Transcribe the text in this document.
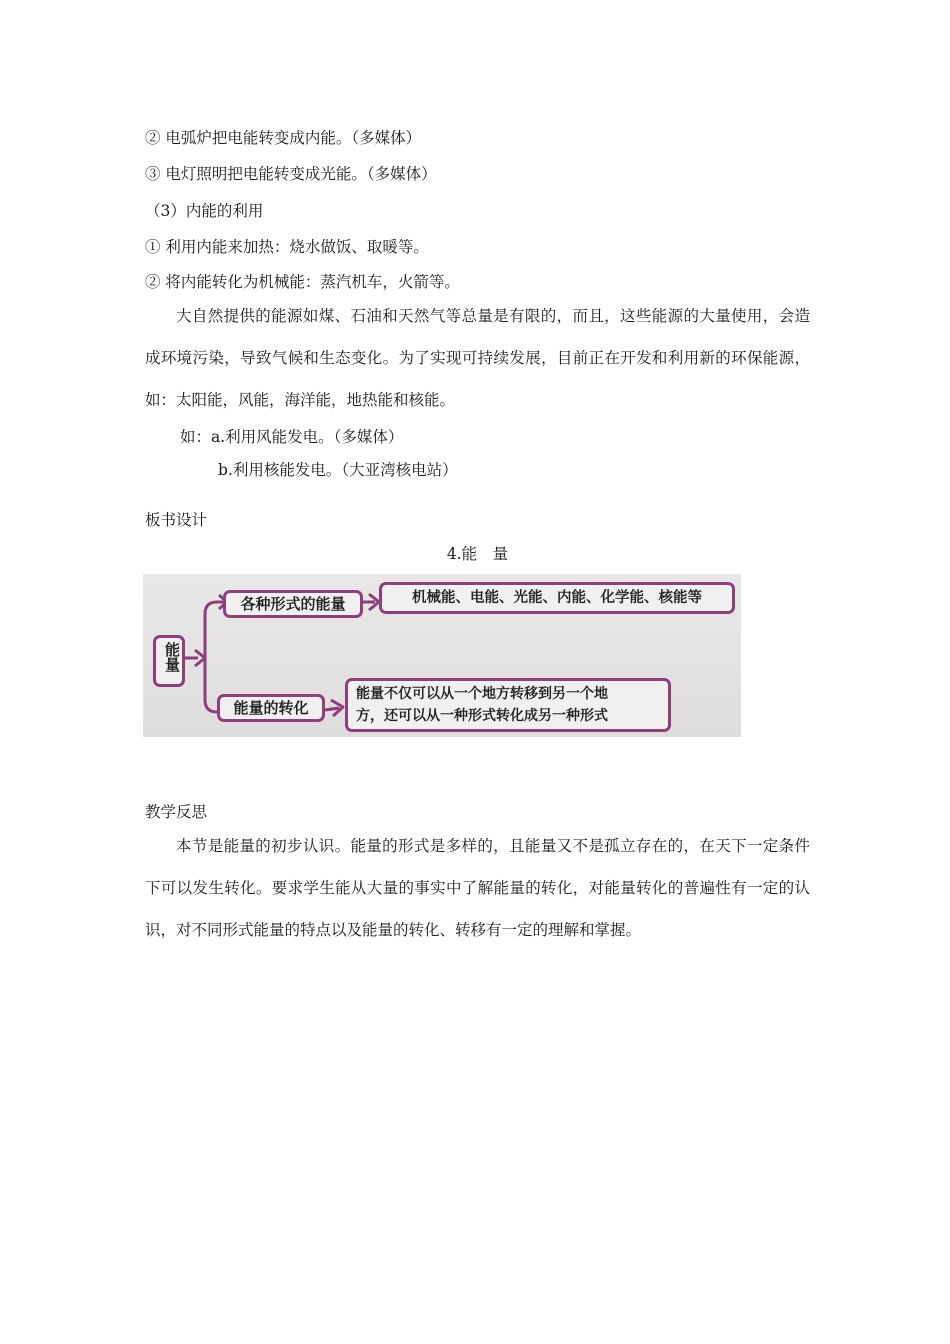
② 电弧炉把电能转变成内能。（多媒体）
③ 电灯照明把电能转变成光能。（多媒体）
（3）内能的利用
① 利用内能来加热：烧水做饭、取暖等。
② 将内能转化为机械能：蒸汽机车，火箭等。
大自然提供的能源如煤、石油和天然气等总量是有限的，而且，这些能源的大量使用，会造成环境污染，导致气候和生态变化。为了实现可持续发展，目前正在开发和利用新的环保能源，如：太阳能，风能，海洋能，地热能和核能。
如：a.利用风能发电。（多媒体）
b.利用核能发电。（大亚湾核电站）
板书设计
4.能　量
能量
各种形式的能量	机械能、电能、光能、内能、化学能、核能等
能量的转化
能量不仅可以从一个地方转移到另一个地
方，还可以从一种形式转化成另一种形式
教学反思
本节是能量的初步认识。能量的形式是多样的，且能量又不是孤立存在的，在天下一定条件下可以发生转化。要求学生能从大量的事实中了解能量的转化，对能量转化的普遍性有一定的认识，对不同形式能量的特点以及能量的转化、转移有一定的理解和掌握。
